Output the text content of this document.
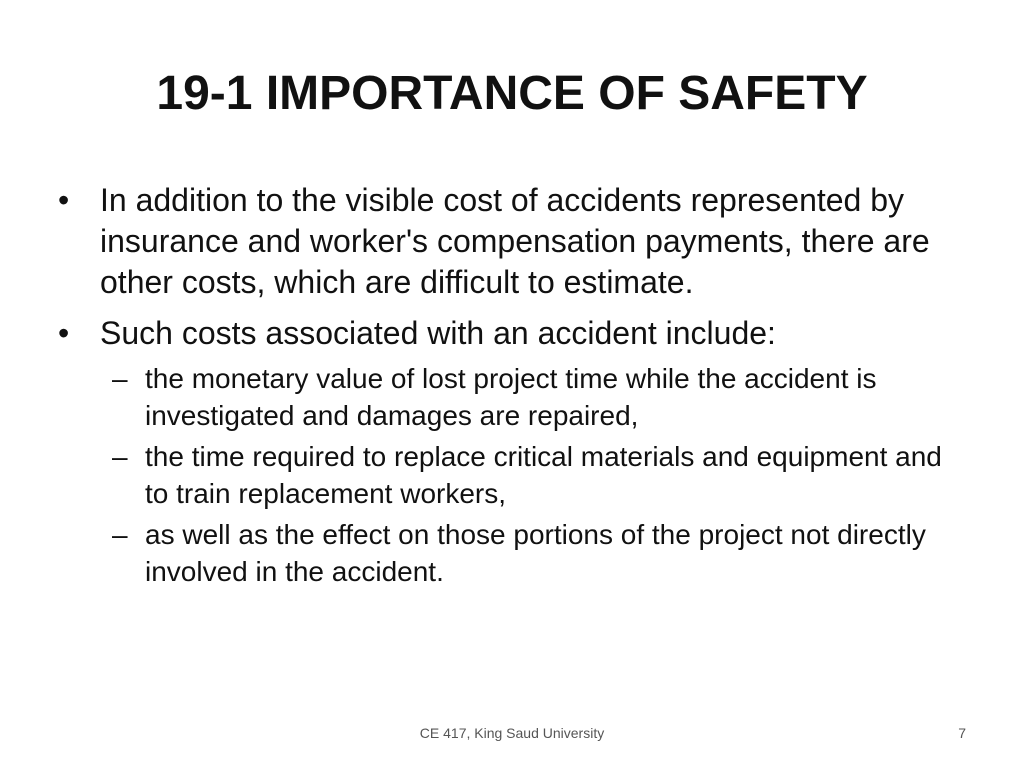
19-1 IMPORTANCE OF SAFETY
• In addition to the visible cost of accidents represented by insurance and worker's compensation payments, there are other costs, which are difficult to estimate.
• Such costs associated with an accident include:
– the monetary value of lost project time while the accident is investigated and damages are repaired,
– the time required to replace critical materials and equipment and to train replacement workers,
– as well as the effect on those portions of the project not directly involved in the accident.
CE 417, King Saud University	7
